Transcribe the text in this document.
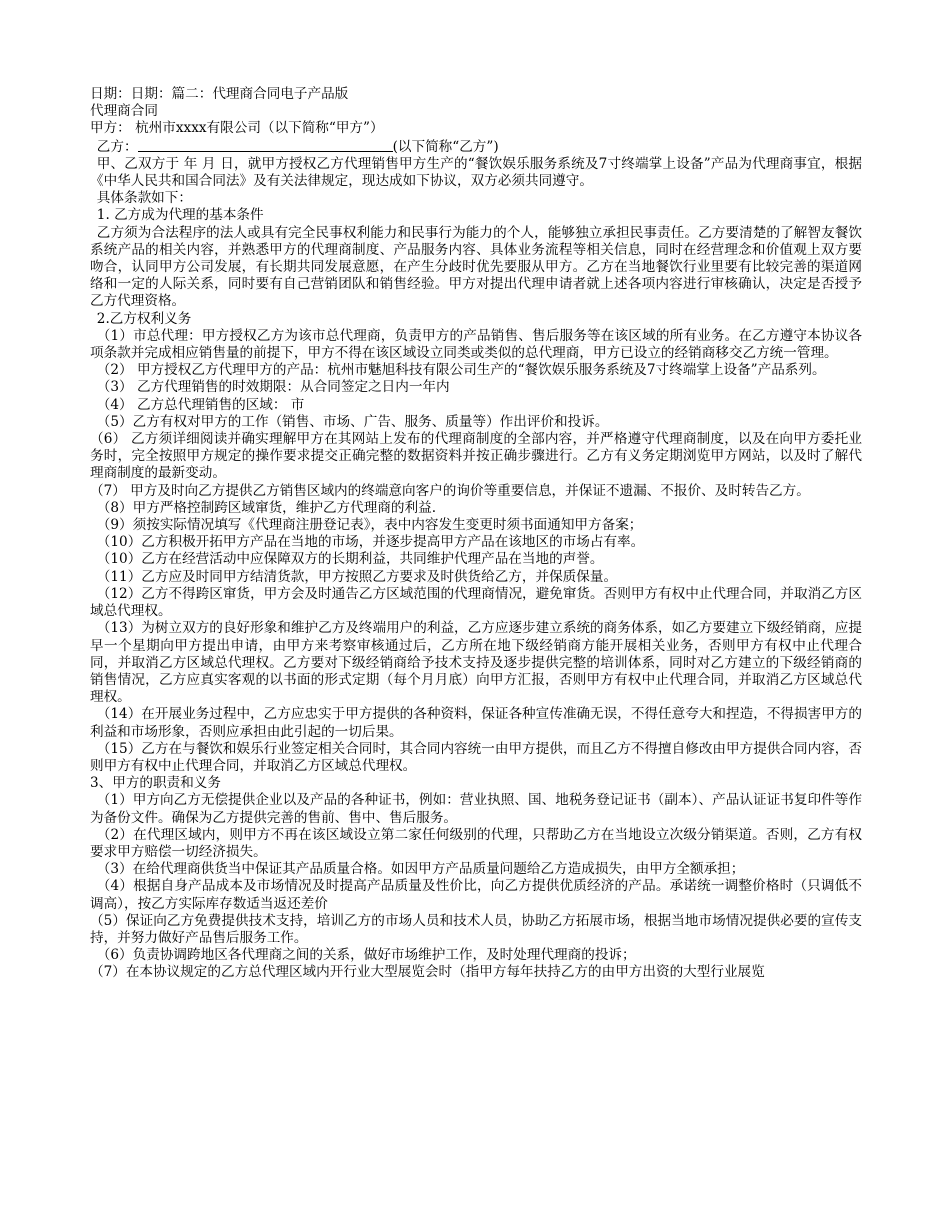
日期：日期：篇二：代理商合同电子产品版

代理商合同

甲方： 杭州市xxxx有限公司（以下简称“甲方”）

乙方：	(以下简称“乙方”)

甲、乙双方于 年 月 日，就甲方授权乙方代理销售甲方生产的“餐饮娱乐服务系统及7寸终端掌上设备”产品为代理商事宜，根据《中华人民共和国合同法》及有关法律规定，现达成如下协议，双方必须共同遵守。

具体条款如下：

1. 乙方成为代理的基本条件

乙方须为合法程序的法人或具有完全民事权利能力和民事行为能力的个人，能够独立承担民事责任。乙方要清楚的了解智友餐饮系统产品的相关内容，并熟悉甲方的代理商制度、产品服务内容、具体业务流程等相关信息，同时在经营理念和价值观上双方要吻合，认同甲方公司发展，有长期共同发展意愿，在产生分歧时优先要服从甲方。乙方在当地餐饮行业里要有比较完善的渠道网络和一定的人际关系，同时要有自己营销团队和销售经验。甲方对提出代理申请者就上述各项内容进行审核确认，决定是否授予乙方代理资格。

2.乙方权利义务

（1）市总代理：甲方授权乙方为该市总代理商，负责甲方的产品销售、售后服务等在该区域的所有业务。在乙方遵守本协议各项条款并完成相应销售量的前提下，甲方不得在该区域设立同类或类似的总代理商，甲方已设立的经销商移交乙方统一管理。

（2） 甲方授权乙方代理甲方的产品：杭州市魅旭科技有限公司生产的“餐饮娱乐服务系统及7寸终端掌上设备”产品系列。

（3） 乙方代理销售的时效期限：从合同签定之日内一年内

（4） 乙方总代理销售的区域： 市

（5）乙方有权对甲方的工作（销售、市场、广告、服务、质量等）作出评价和投诉。

（6） 乙方须详细阅读并确实理解甲方在其网站上发布的代理商制度的全部内容，并严格遵守代理商制度，以及在向甲方委托业务时，完全按照甲方规定的操作要求提交正确完整的数据资料并按正确步骤进行。乙方有义务定期浏览甲方网站，以及时了解代理商制度的最新变动。

（7） 甲方及时向乙方提供乙方销售区域内的终端意向客户的询价等重要信息，并保证不遗漏、不报价、及时转告乙方。

（8）甲方严格控制跨区域窜货，维护乙方代理商的利益.

（9）须按实际情况填写《代理商注册登记表》，表中内容发生变更时须书面通知甲方备案；

（10）乙方积极开拓甲方产品在当地的市场，并逐步提高甲方产品在该地区的市场占有率。

（10）乙方在经营活动中应保障双方的长期利益，共同维护代理产品在当地的声誉。

（11）乙方应及时同甲方结清货款，甲方按照乙方要求及时供货给乙方，并保质保量。

（12）乙方不得跨区窜货，甲方会及时通告乙方区域范围的代理商情况，避免窜货。否则甲方有权中止代理合同，并取消乙方区域总代理权。

（13）为树立双方的良好形象和维护乙方及终端用户的利益，乙方应逐步建立系统的商务体系，如乙方要建立下级经销商，应提早一个星期向甲方提出申请，由甲方来考察审核通过后，乙方所在地下级经销商方能开展相关业务，否则甲方有权中止代理合同，并取消乙方区域总代理权。乙方要对下级经销商给予技术支持及逐步提供完整的培训体系，同时对乙方建立的下级经销商的销售情况，乙方应真实客观的以书面的形式定期（每个月月底）向甲方汇报，否则甲方有权中止代理合同，并取消乙方区域总代理权。

（14）在开展业务过程中，乙方应忠实于甲方提供的各种资料，保证各种宣传准确无误，不得任意夸大和捏造，不得损害甲方的利益和市场形象，否则应承担由此引起的一切后果。

（15）乙方在与餐饮和娱乐行业签定相关合同时，其合同内容统一由甲方提供，而且乙方不得擅自修改由甲方提供合同内容，否则甲方有权中止代理合同，并取消乙方区域总代理权。

3、甲方的职责和义务

（1）甲方向乙方无偿提供企业以及产品的各种证书，例如：营业执照、国、地税务登记证书（副本）、产品认证证书复印件等作为备份文件。确保为乙方提供完善的售前、售中、售后服务。

（2）在代理区域内，则甲方不再在该区域设立第二家任何级别的代理，只帮助乙方在当地设立次级分销渠道。否则，乙方有权要求甲方赔偿一切经济损失。

（3）在给代理商供货当中保证其产品质量合格。如因甲方产品质量问题给乙方造成损失，由甲方全额承担；

（4）根据自身产品成本及市场情况及时提高产品质量及性价比，向乙方提供优质经济的产品。承诺统一调整价格时（只调低不调高），按乙方实际库存数适当返还差价

（5）保证向乙方免费提供技术支持，培训乙方的市场人员和技术人员，协助乙方拓展市场，根据当地市场情况提供必要的宣传支持，并努力做好产品售后服务工作。

（6）负责协调跨地区各代理商之间的关系，做好市场维护工作，及时处理代理商的投诉；

（7）在本协议规定的乙方总代理区域内开行业大型展览会时（指甲方每年扶持乙方的由甲方出资的大型行业展览
